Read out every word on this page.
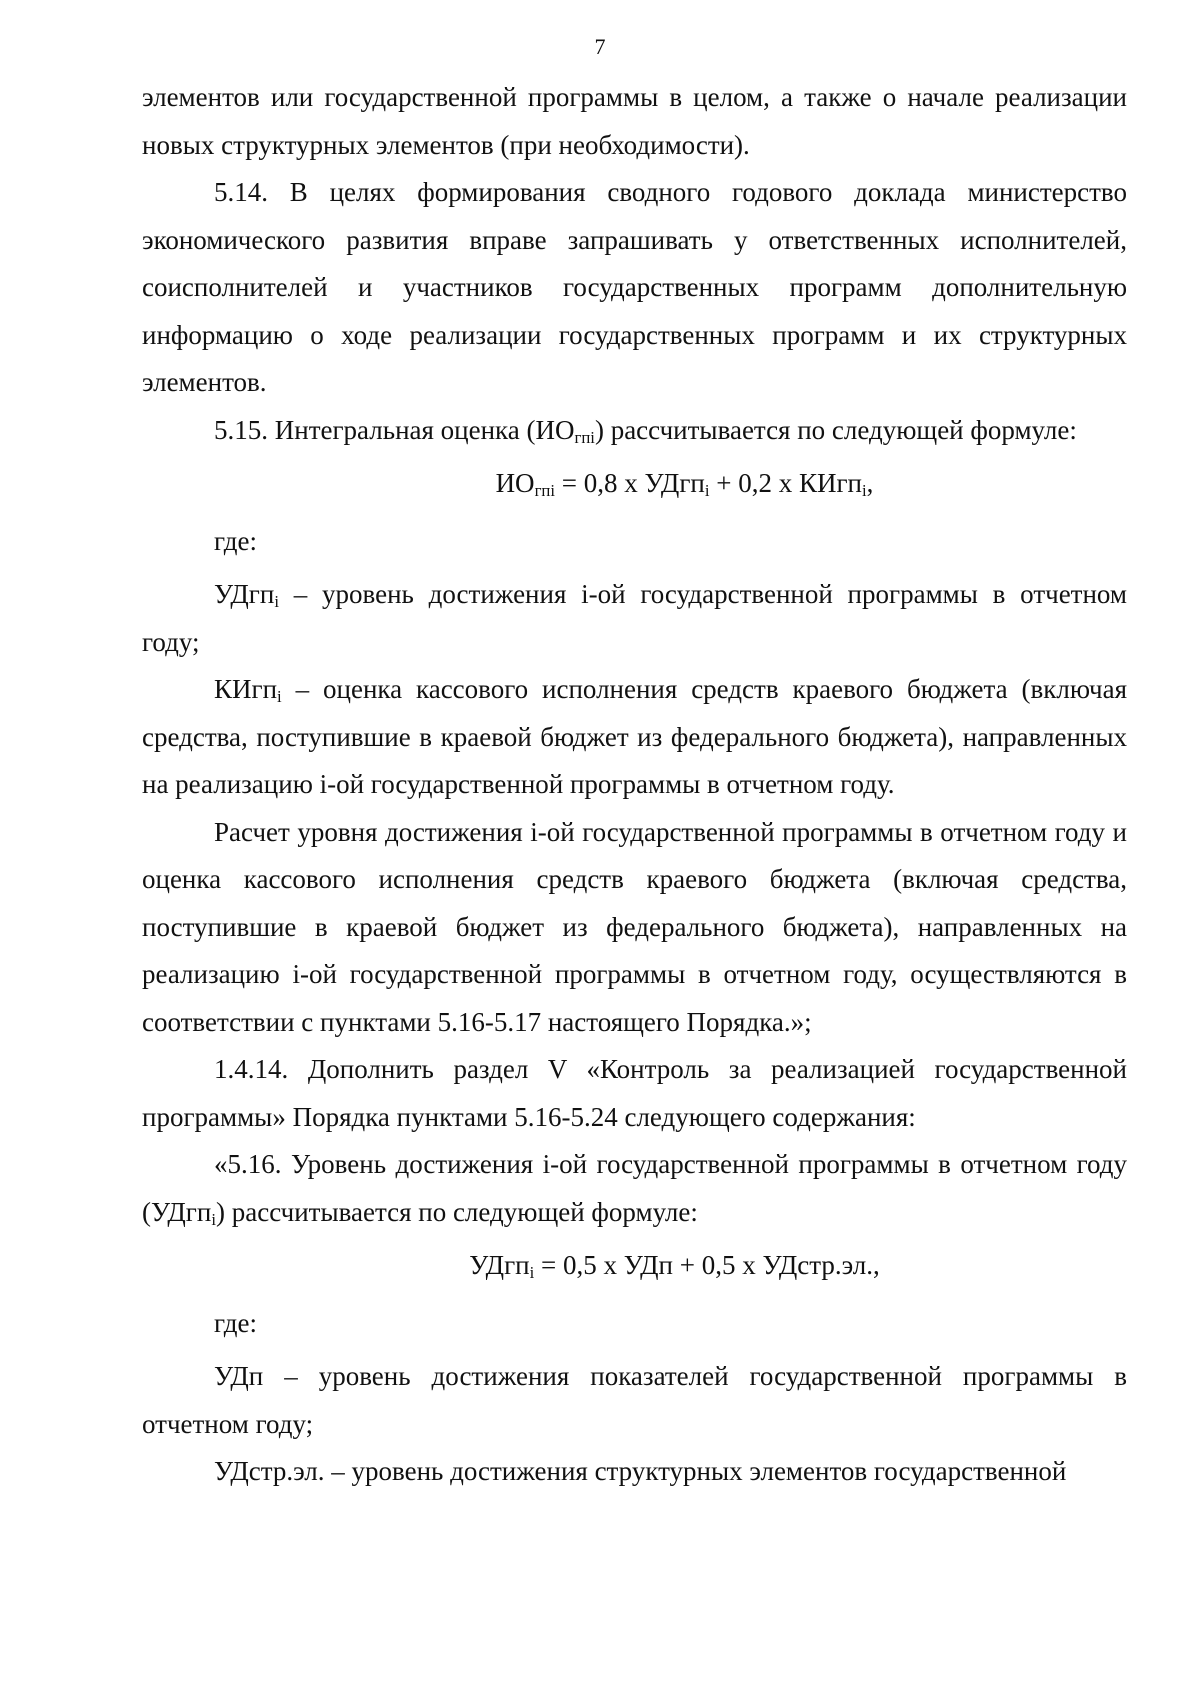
7

элементов или государственной программы в целом, а также о начале реализации новых структурных элементов (при необходимости).

5.14. В целях формирования сводного годового доклада министерство экономического развития вправе запрашивать у ответственных исполнителей, соисполнителей и участников государственных программ дополнительную информацию о ходе реализации государственных программ и их структурных элементов.

5.15. Интегральная оценка $(ИО_{гпi})$ рассчитывается по следующей формуле:

$ИО_{гпi} = 0,8$ х УДгп$_i$ + 0,2 х КИгп$_i$,

где:

УДгп$_i$ – уровень достижения i-ой государственной программы в отчетном году;

КИгп$_i$ – оценка кассового исполнения средств краевого бюджета (включая средства, поступившие в краевой бюджет из федерального бюджета), направленных на реализацию i-ой государственной программы в отчетном году.

Расчет уровня достижения i-ой государственной программы в отчетном году и оценка кассового исполнения средств краевого бюджета (включая средства, поступившие в краевой бюджет из федерального бюджета), направленных на реализацию i-ой государственной программы в отчетном году, осуществляются в соответствии с пунктами 5.16-5.17 настоящего Порядка.»;

1.4.14. Дополнить раздел V «Контроль за реализацией государственной программы» Порядка пунктами 5.16-5.24 следующего содержания:

«5.16. Уровень достижения i-ой государственной программы в отчетном году (УДгп$_i$) рассчитывается по следующей формуле:

УДгп$_i$ = 0,5 х УДп + 0,5 х УДстр.эл.,

где:

УДп – уровень достижения показателей государственной программы в отчетном году;

УДстр.эл. – уровень достижения структурных элементов государственной
